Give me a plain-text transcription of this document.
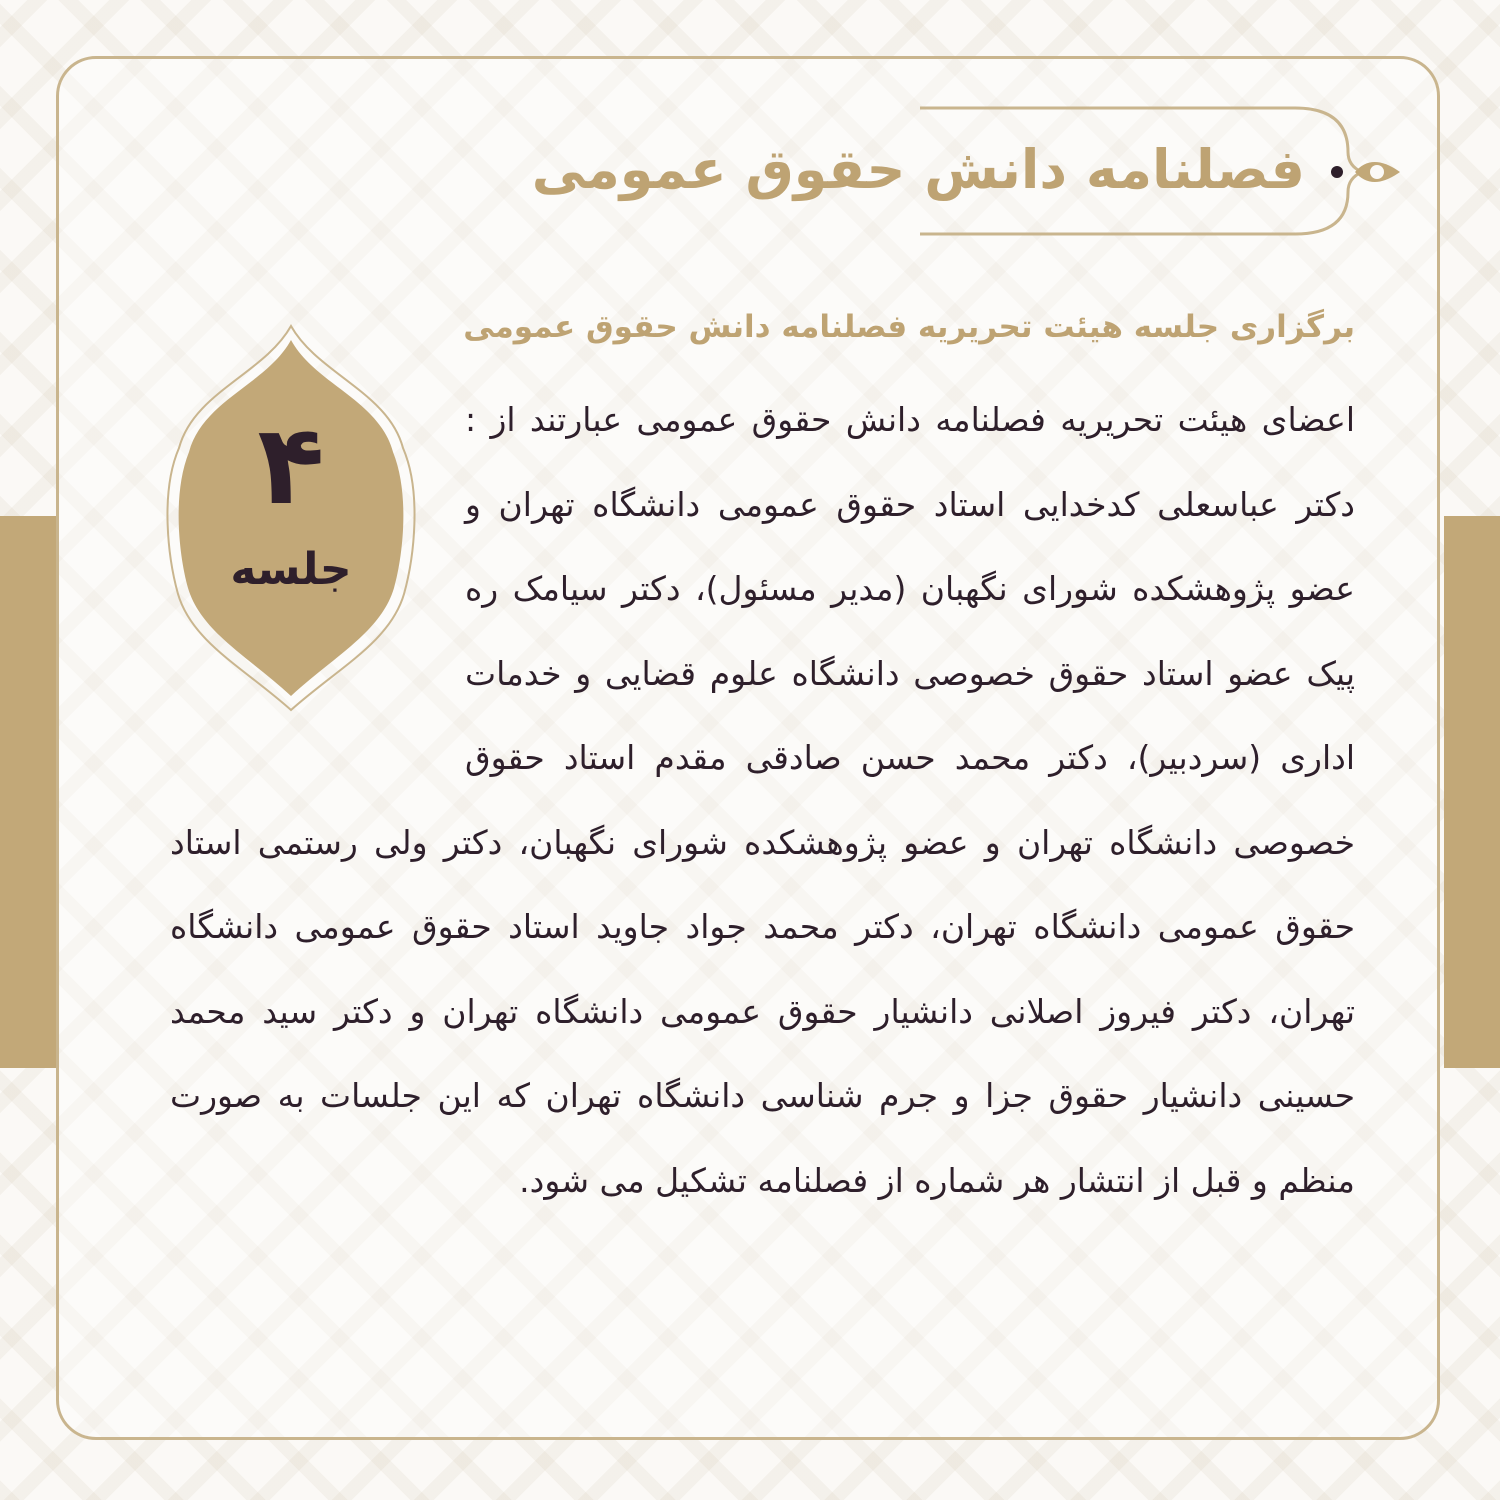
فصلنامه دانش حقوق عمومی
برگزاری جلسه هیئت تحریریه فصلنامه دانش حقوق عمومی
۴
جلسه
اعضای هیئت تحریریه فصلنامه دانش حقوق عمومی عبارتند از : دکتر عباسعلی کدخدایی استاد حقوق عمومی دانشگاه تهران و عضو پژوهشکده شورای نگهبان (مدیر مسئول)، دکتر سیامک ره پیک عضو استاد حقوق خصوصی دانشگاه علوم قضایی و خدمات اداری (سردبیر)، دکتر محمد حسن صادقی مقدم استاد حقوق خصوصی دانشگاه تهران و عضو پژوهشکده شورای نگهبان، دکتر ولی رستمی استاد حقوق عمومی دانشگاه تهران، دکتر محمد جواد جاوید استاد حقوق عمومی دانشگاه تهران، دکتر فیروز اصلانی دانشیار حقوق عمومی دانشگاه تهران و دکتر سید محمد حسینی دانشیار حقوق جزا و جرم شناسی دانشگاه تهران که این جلسات به صورت منظم و قبل از انتشار هر شماره از فصلنامه تشکیل می شود.
